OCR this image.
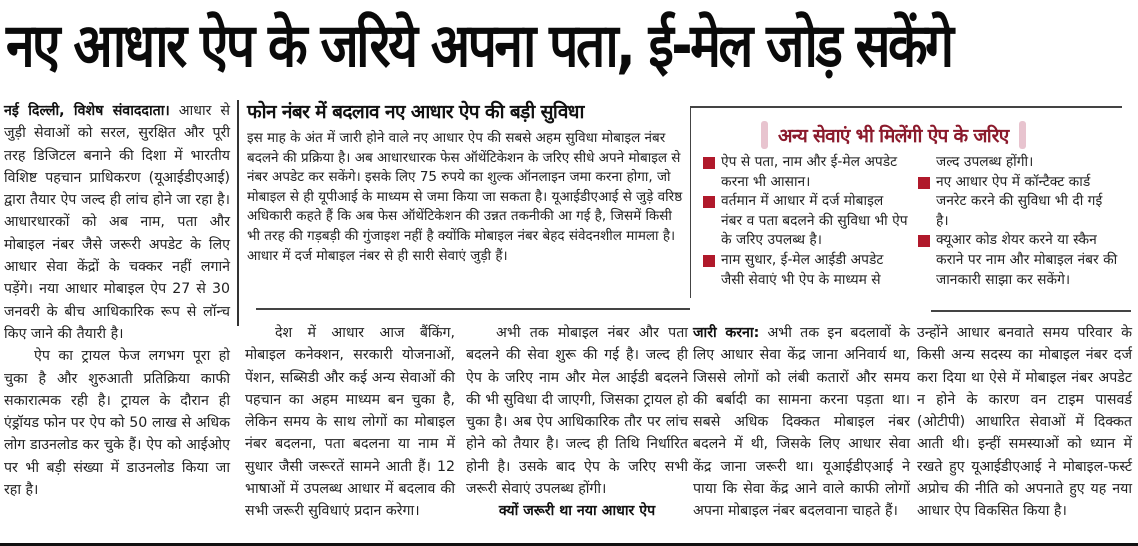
नए आधार ऐप के जरिये अपना पता, ई-मेल जोड़ सकेंगे

नई दिल्ली, विशेष संवाददाता। आधार से जुड़ी सेवाओं को सरल, सुरक्षित और पूरी तरह डिजिटल बनाने की दिशा में भारतीय विशिष्ट पहचान प्राधिकरण (यूआईडीएआई) द्वारा तैयार ऐप जल्द ही लांच होने जा रहा है। आधारधारकों को अब नाम, पता और मोबाइल नंबर जैसे जरूरी अपडेट के लिए आधार सेवा केंद्रों के चक्कर नहीं लगाने पड़ेंगे। नया आधार मोबाइल ऐप 27 से 30 जनवरी के बीच आधिकारिक रूप से लॉन्च किए जाने की तैयारी है।

ऐप का ट्रायल फेज लगभग पूरा हो चुका है और शुरुआती प्रतिक्रिया काफी सकारात्मक रही है। ट्रायल के दौरान ही एंड्रॉयड फोन पर ऐप को 50 लाख से अधिक लोग डाउनलोड कर चुके हैं। ऐप को आईओए पर भी बड़ी संख्या में डाउनलोड किया जा रहा है।

फोन नंबर में बदलाव नए आधार ऐप की बड़ी सुविधा
इस माह के अंत में जारी होने वाले नए आधार ऐप की सबसे अहम सुविधा मोबाइल नंबर बदलने की प्रक्रिया है। अब आधारधारक फेस ऑथेंटिकेशन के जरिए सीधे अपने मोबाइल से नंबर अपडेट कर सकेंगे। इसके लिए 75 रुपये का शुल्क ऑनलाइन जमा करना होगा, जो मोबाइल से ही यूपीआई के माध्यम से जमा किया जा सकता है। यूआईडीएआई से जुड़े वरिष्ठ अधिकारी कहते हैं कि अब फेस ऑथेंटिकेशन की उन्नत तकनीकी आ गई है, जिसमें किसी भी तरह की गड़बड़ी की गुंजाइश नहीं है क्योंकि मोबाइल नंबर बेहद संवेदनशील मामला है। आधार में दर्ज मोबाइल नंबर से ही सारी सेवाएं जुड़ी हैं।
अन्य सेवाएं भी मिलेंगी ऐप के जरिए
ऐप से पता, नाम और ई-मेल अपडेट करना भी आसान।
वर्तमान में आधार में दर्ज मोबाइल नंबर व पता बदलने की सुविधा भी ऐप के जरिए उपलब्ध है।
नाम सुधार, ई-मेल आईडी अपडेट जैसी सेवाएं भी ऐप के माध्यम से
जल्द उपलब्ध होंगी।
नए आधार ऐप में कॉन्टैक्ट कार्ड जनरेट करने की सुविधा भी दी गई है।
क्यूआर कोड शेयर करने या स्कैन कराने पर नाम और मोबाइल नंबर की जानकारी साझा कर सकेंगे।

देश में आधार आज बैंकिंग, मोबाइल कनेक्शन, सरकारी योजनाओं, पेंशन, सब्सिडी और कई अन्य सेवाओं की पहचान का अहम माध्यम बन चुका है, लेकिन समय के साथ लोगों का मोबाइल नंबर बदलना, पता बदलना या नाम में सुधार जैसी जरूरतें सामने आती हैं। 12 भाषाओं में उपलब्ध आधार में बदलाव की सभी जरूरी सुविधाएं प्रदान करेगा।

अभी तक मोबाइल नंबर और पता बदलने की सेवा शुरू की गई है। जल्द ही ऐप के जरिए नाम और मेल आईडी बदलने की भी सुविधा दी जाएगी, जिसका ट्रायल हो चुका है। अब ऐप आधिकारिक तौर पर लांच होने को तैयार है। जल्द ही तिथि निर्धारित होनी है। उसके बाद ऐप के जरिए सभी जरूरी सेवाएं उपलब्ध होंगी।

क्यों जरूरी था नया आधार ऐप

जारी करना: अभी तक इन बदलावों के लिए आधार सेवा केंद्र जाना अनिवार्य था, जिससे लोगों को लंबी कतारों और समय की बर्बादी का सामना करना पड़ता था। सबसे अधिक दिक्कत मोबाइल नंबर बदलने में थी, जिसके लिए आधार सेवा केंद्र जाना जरूरी था। यूआईडीएआई ने पाया कि सेवा केंद्र आने वाले काफी लोगों अपना मोबाइल नंबर बदलवाना चाहते हैं।

उन्होंने आधार बनवाते समय परिवार के किसी अन्य सदस्य का मोबाइल नंबर दर्ज करा दिया था ऐसे में मोबाइल नंबर अपडेट न होने के कारण वन टाइम पासवर्ड (ओटीपी) आधारित सेवाओं में दिक्कत आती थी। इन्हीं समस्याओं को ध्यान में रखते हुए यूआईडीएआई ने मोबाइल-फर्स्ट अप्रोच की नीति को अपनाते हुए यह नया आधार ऐप विकसित किया है।
